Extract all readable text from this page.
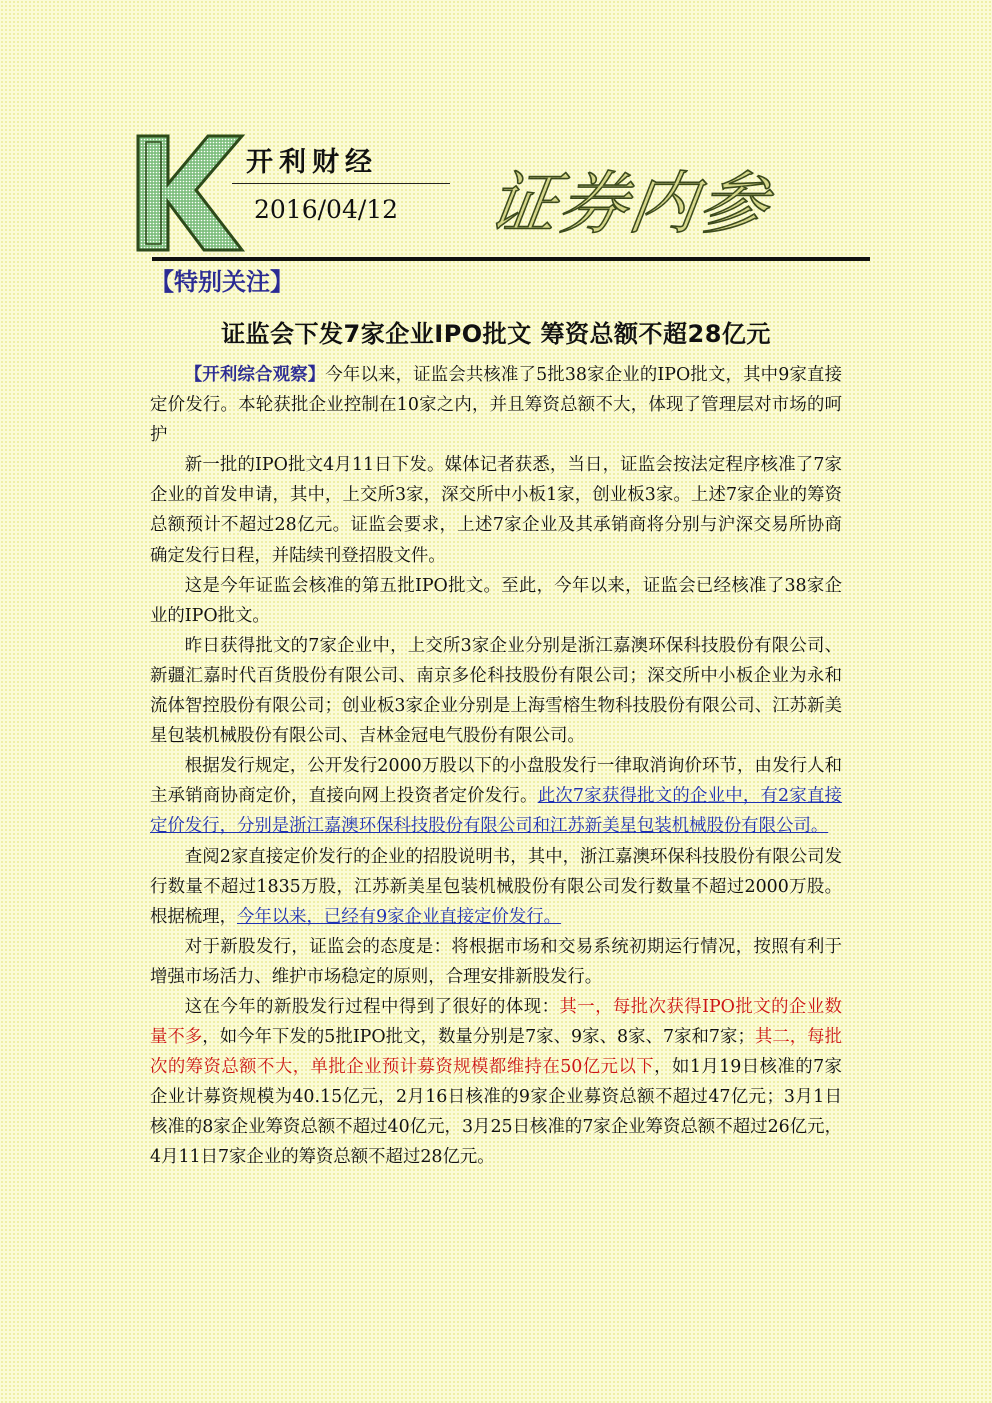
开利财经
2016/04/12 证券内参
【特别关注】
证监会下发7家企业IPO批文 筹资总额不超28亿元

【开利综合观察】今年以来，证监会共核准了5批38家企业的IPO批文，其中9家直接定价发行。本轮获批企业控制在10家之内，并且筹资总额不大，体现了管理层对市场的呵护

新一批的IPO批文4月11日下发。媒体记者获悉，当日，证监会按法定程序核准了7家企业的首发申请，其中，上交所3家，深交所中小板1家，创业板3家。上述7家企业的筹资总额预计不超过28亿元。证监会要求，上述7家企业及其承销商将分别与沪深交易所协商确定发行日程，并陆续刊登招股文件。

这是今年证监会核准的第五批IPO批文。至此，今年以来，证监会已经核准了38家企业的IPO批文。

昨日获得批文的7家企业中，上交所3家企业分别是浙江嘉澳环保科技股份有限公司、新疆汇嘉时代百货股份有限公司、南京多伦科技股份有限公司；深交所中小板企业为永和流体智控股份有限公司；创业板3家企业分别是上海雪榕生物科技股份有限公司、江苏新美星包装机械股份有限公司、吉林金冠电气股份有限公司。

根据发行规定，公开发行2000万股以下的小盘股发行一律取消询价环节，由发行人和主承销商协商定价，直接向网上投资者定价发行。此次7家获得批文的企业中，有2家直接定价发行，分别是浙江嘉澳环保科技股份有限公司和江苏新美星包装机械股份有限公司。

查阅2家直接定价发行的企业的招股说明书，其中，浙江嘉澳环保科技股份有限公司发行数量不超过1835万股，江苏新美星包装机械股份有限公司发行数量不超过2000万股。根据梳理，今年以来，已经有9家企业直接定价发行。

对于新股发行，证监会的态度是：将根据市场和交易系统初期运行情况，按照有利于增强市场活力、维护市场稳定的原则，合理安排新股发行。

这在今年的新股发行过程中得到了很好的体现：其一，每批次获得IPO批文的企业数量不多，如今年下发的5批IPO批文，数量分别是7家、9家、8家、7家和7家；其二，每批次的筹资总额不大，单批企业预计募资规模都维持在50亿元以下，如1月19日核准的7家企业计募资规模为40.15亿元，2月16日核准的9家企业募资总额不超过47亿元；3月1日核准的8家企业筹资总额不超过40亿元，3月25日核准的7家企业筹资总额不超过26亿元，4月11日7家企业的筹资总额不超过28亿元。
